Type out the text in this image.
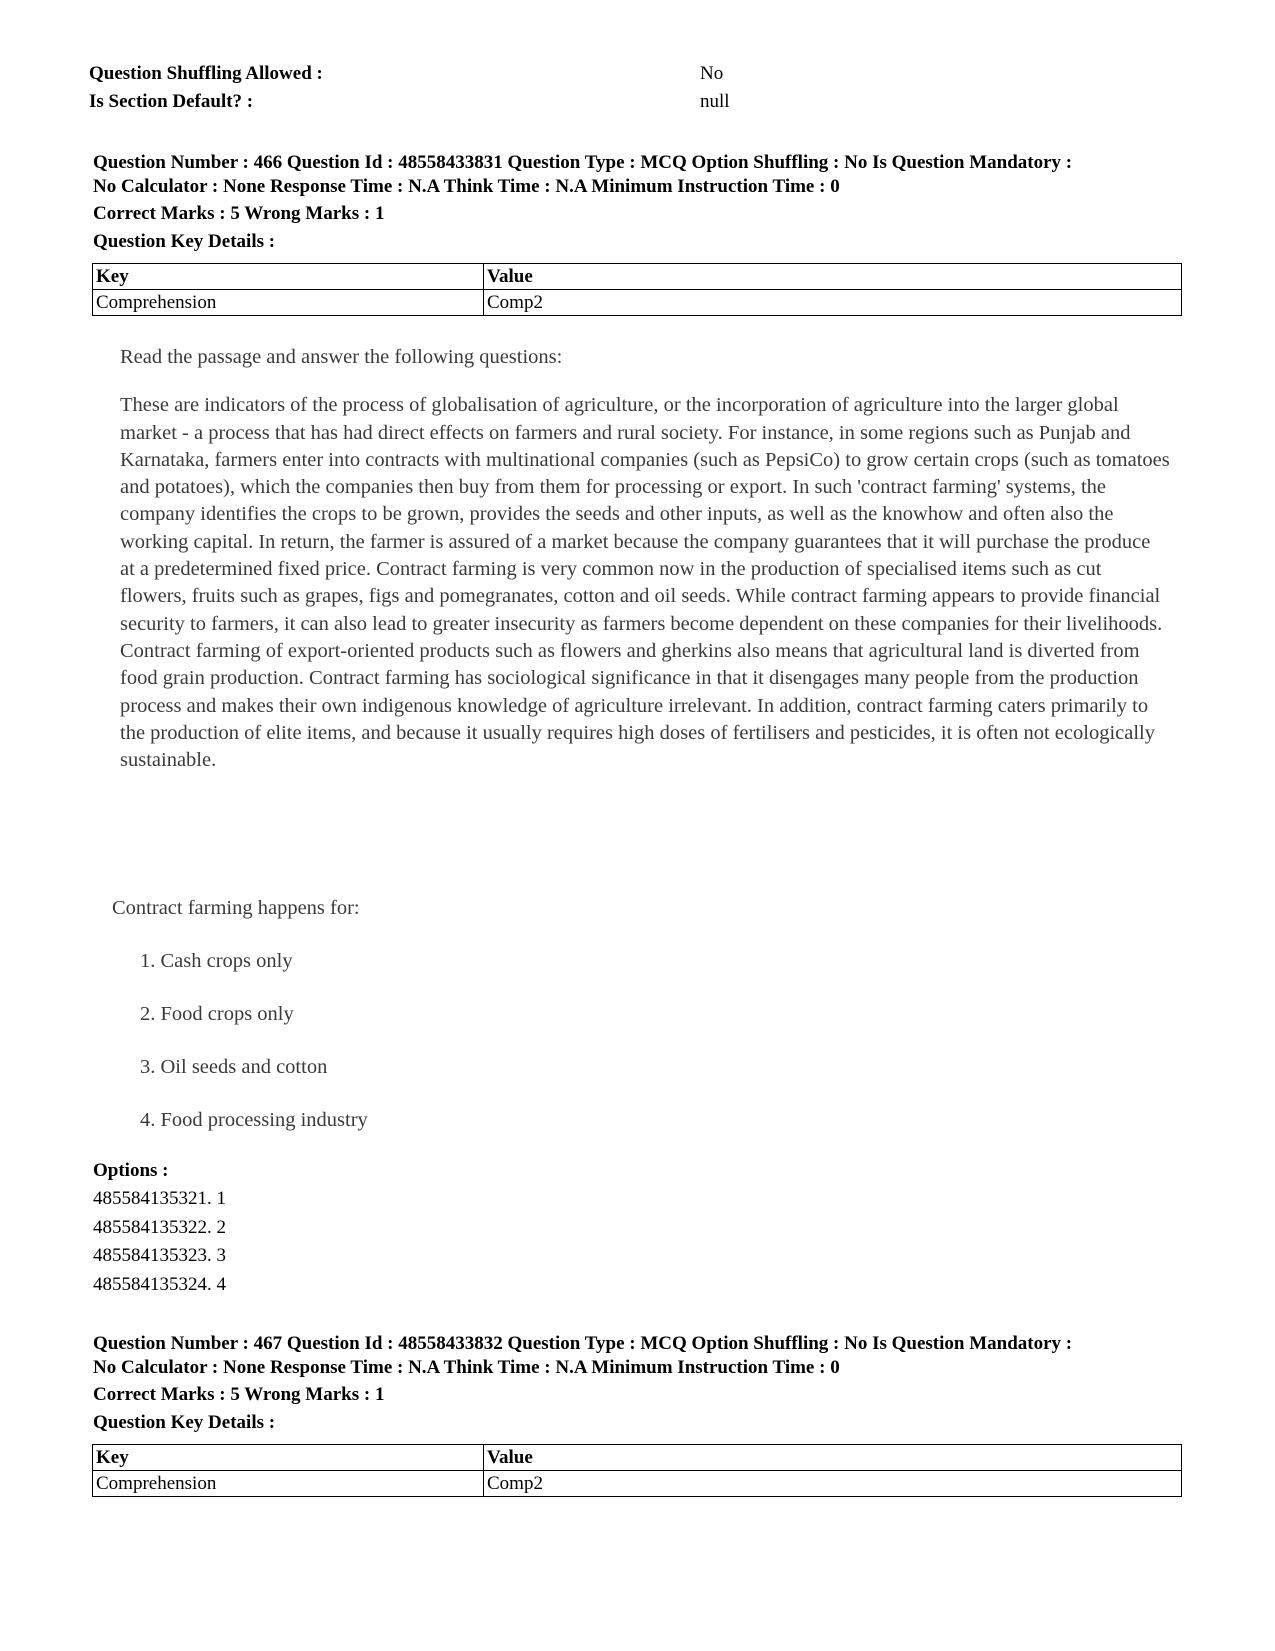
Question Shuffling Allowed :	No
Is Section Default? :	null
Question Number : 466 Question Id : 48558433831 Question Type : MCQ Option Shuffling : No Is Question Mandatory :
No Calculator : None Response Time : N.A Think Time : N.A Minimum Instruction Time : 0
Correct Marks : 5 Wrong Marks : 1
Question Key Details :
Key	Value
Comprehension	Comp2

Read the passage and answer the following questions:

These are indicators of the process of globalisation of agriculture, or the incorporation of agriculture into the larger global market - a process that has had direct effects on farmers and rural society. For instance, in some regions such as Punjab and Karnataka, farmers enter into contracts with multinational companies (such as PepsiCo) to grow certain crops (such as tomatoes and potatoes), which the companies then buy from them for processing or export. In such 'contract farming' systems, the company identifies the crops to be grown, provides the seeds and other inputs, as well as the knowhow and often also the working capital. In return, the farmer is assured of a market because the company guarantees that it will purchase the produce at a predetermined fixed price. Contract farming is very common now in the production of specialised items such as cut flowers, fruits such as grapes, figs and pomegranates, cotton and oil seeds. While contract farming appears to provide financial security to farmers, it can also lead to greater insecurity as farmers become dependent on these companies for their livelihoods. Contract farming of export-oriented products such as flowers and gherkins also means that agricultural land is diverted from food grain production. Contract farming has sociological significance in that it disengages many people from the production process and makes their own indigenous knowledge of agriculture irrelevant. In addition, contract farming caters primarily to the production of elite items, and because it usually requires high doses of fertilisers and pesticides, it is often not ecologically sustainable.

Contract farming happens for:
1. Cash crops only
2. Food crops only
3. Oil seeds and cotton
4. Food processing industry
Options :
485584135321. 1
485584135322. 2
485584135323. 3
485584135324. 4
Question Number : 467 Question Id : 48558433832 Question Type : MCQ Option Shuffling : No Is Question Mandatory :
No Calculator : None Response Time : N.A Think Time : N.A Minimum Instruction Time : 0
Correct Marks : 5 Wrong Marks : 1
Question Key Details :
Key	Value
Comprehension	Comp2
